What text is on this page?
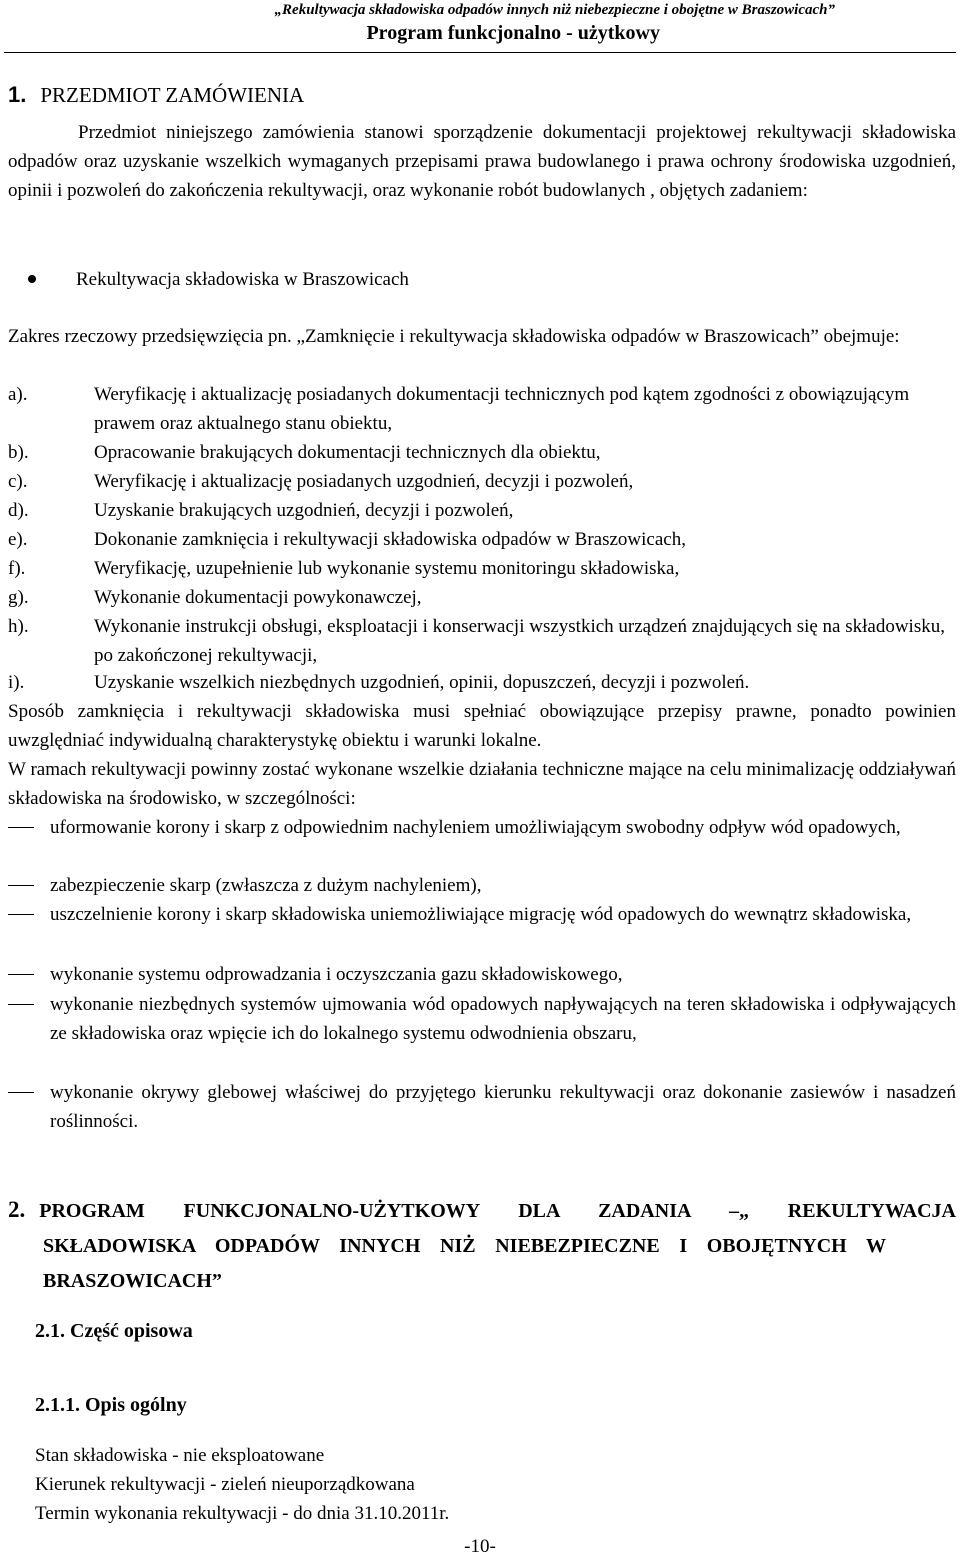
„Rekultywacja składowiska odpadów innych niż niebezpieczne i obojętne w Braszowicach”
Program funkcjonalno - użytkowy
1. PRZEDMIOT ZAMÓWIENIA
Przedmiot niniejszego zamówienia stanowi sporządzenie dokumentacji projektowej rekultywacji składowiska odpadów oraz uzyskanie wszelkich wymaganych przepisami prawa budowlanego i prawa ochrony środowiska uzgodnień, opinii i pozwoleń do zakończenia rekultywacji, oraz wykonanie robót budowlanych , objętych zadaniem:
Rekultywacja składowiska w Braszowicach
Zakres rzeczowy przedsięwzięcia pn. „Zamknięcie i rekultywacja składowiska odpadów w Braszowicach” obejmuje:
a).	Weryfikację i aktualizację posiadanych dokumentacji technicznych pod kątem zgodności z obowiązującym prawem oraz aktualnego stanu obiektu,
b).	Opracowanie brakujących dokumentacji technicznych dla obiektu,
c).	Weryfikację i aktualizację posiadanych uzgodnień, decyzji i pozwoleń,
d).	Uzyskanie brakujących uzgodnień, decyzji i pozwoleń,
e).	Dokonanie zamknięcia i rekultywacji składowiska odpadów w Braszowicach,
f).	Weryfikację, uzupełnienie lub wykonanie systemu monitoringu składowiska,
g).	Wykonanie dokumentacji powykonawczej,
h).	Wykonanie instrukcji obsługi, eksploatacji i konserwacji wszystkich urządzeń znajdujących się na składowisku, po zakończonej rekultywacji,
i).	Uzyskanie wszelkich niezbędnych uzgodnień, opinii, dopuszczeń, decyzji i pozwoleń.
Sposób zamknięcia i rekultywacji składowiska musi spełniać obowiązujące przepisy prawne, ponadto powinien uwzględniać indywidualną charakterystykę obiektu i warunki lokalne.
W ramach rekultywacji powinny zostać wykonane wszelkie działania techniczne mające na celu minimalizację oddziaływań składowiska na środowisko, w szczególności:
uformowanie korony i skarp z odpowiednim nachyleniem umożliwiającym swobodny odpływ wód opadowych,
zabezpieczenie skarp (zwłaszcza z dużym nachyleniem),
uszczelnienie korony i skarp składowiska uniemożliwiające migrację wód opadowych do wewnątrz składowiska,
wykonanie systemu odprowadzania i oczyszczania gazu składowiskowego,
wykonanie niezbędnych systemów ujmowania wód opadowych napływających na teren składowiska i odpływających ze składowiska oraz wpięcie ich do lokalnego systemu odwodnienia obszaru,
wykonanie okrywy glebowej właściwej do przyjętego kierunku rekultywacji oraz dokonanie zasiewów i nasadzeń roślinności.
2. PROGRAM FUNKCJONALNO-UŻYTKOWY DLA ZADANIA –„ REKULTYWACJA
SKŁADOWISKA ODPADÓW INNYCH NIŻ NIEBEZPIECZNE I OBOJĘTNYCH W
BRASZOWICACH”
2.1. Część opisowa
2.1.1. Opis ogólny
Stan składowiska - nie eksploatowane
Kierunek rekultywacji - zieleń nieuporządkowana
Termin wykonania rekultywacji - do dnia 31.10.2011r.
-10-
